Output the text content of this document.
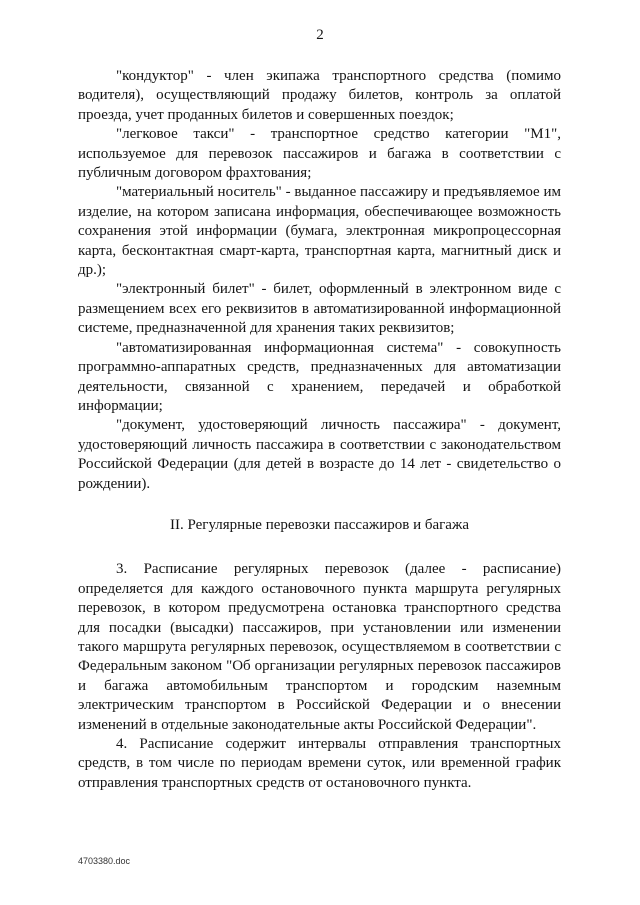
2

"кондуктор" - член экипажа транспортного средства (помимо водителя), осуществляющий продажу билетов, контроль за оплатой проезда, учет проданных билетов и совершенных поездок;

"легковое такси" - транспортное средство категории "M1", используемое для перевозок пассажиров и багажа в соответствии с публичным договором фрахтования;

"материальный носитель" - выданное пассажиру и предъявляемое им изделие, на котором записана информация, обеспечивающее возможность сохранения этой информации (бумага, электронная микропроцессорная карта, бесконтактная смарт-карта, транспортная карта, магнитный диск и др.);

"электронный билет" - билет, оформленный в электронном виде с размещением всех его реквизитов в автоматизированной информационной системе, предназначенной для хранения таких реквизитов;

"автоматизированная информационная система" - совокупность программно-аппаратных средств, предназначенных для автоматизации деятельности, связанной с хранением, передачей и обработкой информации;

"документ, удостоверяющий личность пассажира" - документ, удостоверяющий личность пассажира в соответствии с законодательством Российской Федерации (для детей в возрасте до 14 лет - свидетельство о рождении).

II. Регулярные перевозки пассажиров и багажа

3. Расписание регулярных перевозок (далее - расписание) определяется для каждого остановочного пункта маршрута регулярных перевозок, в котором предусмотрена остановка транспортного средства для посадки (высадки) пассажиров, при установлении или изменении такого маршрута регулярных перевозок, осуществляемом в соответствии с Федеральным законом "Об организации регулярных перевозок пассажиров и багажа автомобильным транспортом и городским наземным электрическим транспортом в Российской Федерации и о внесении изменений в отдельные законодательные акты Российской Федерации".

4. Расписание содержит интервалы отправления транспортных средств, в том числе по периодам времени суток, или временной график отправления транспортных средств от остановочного пункта.

4703380.doc
